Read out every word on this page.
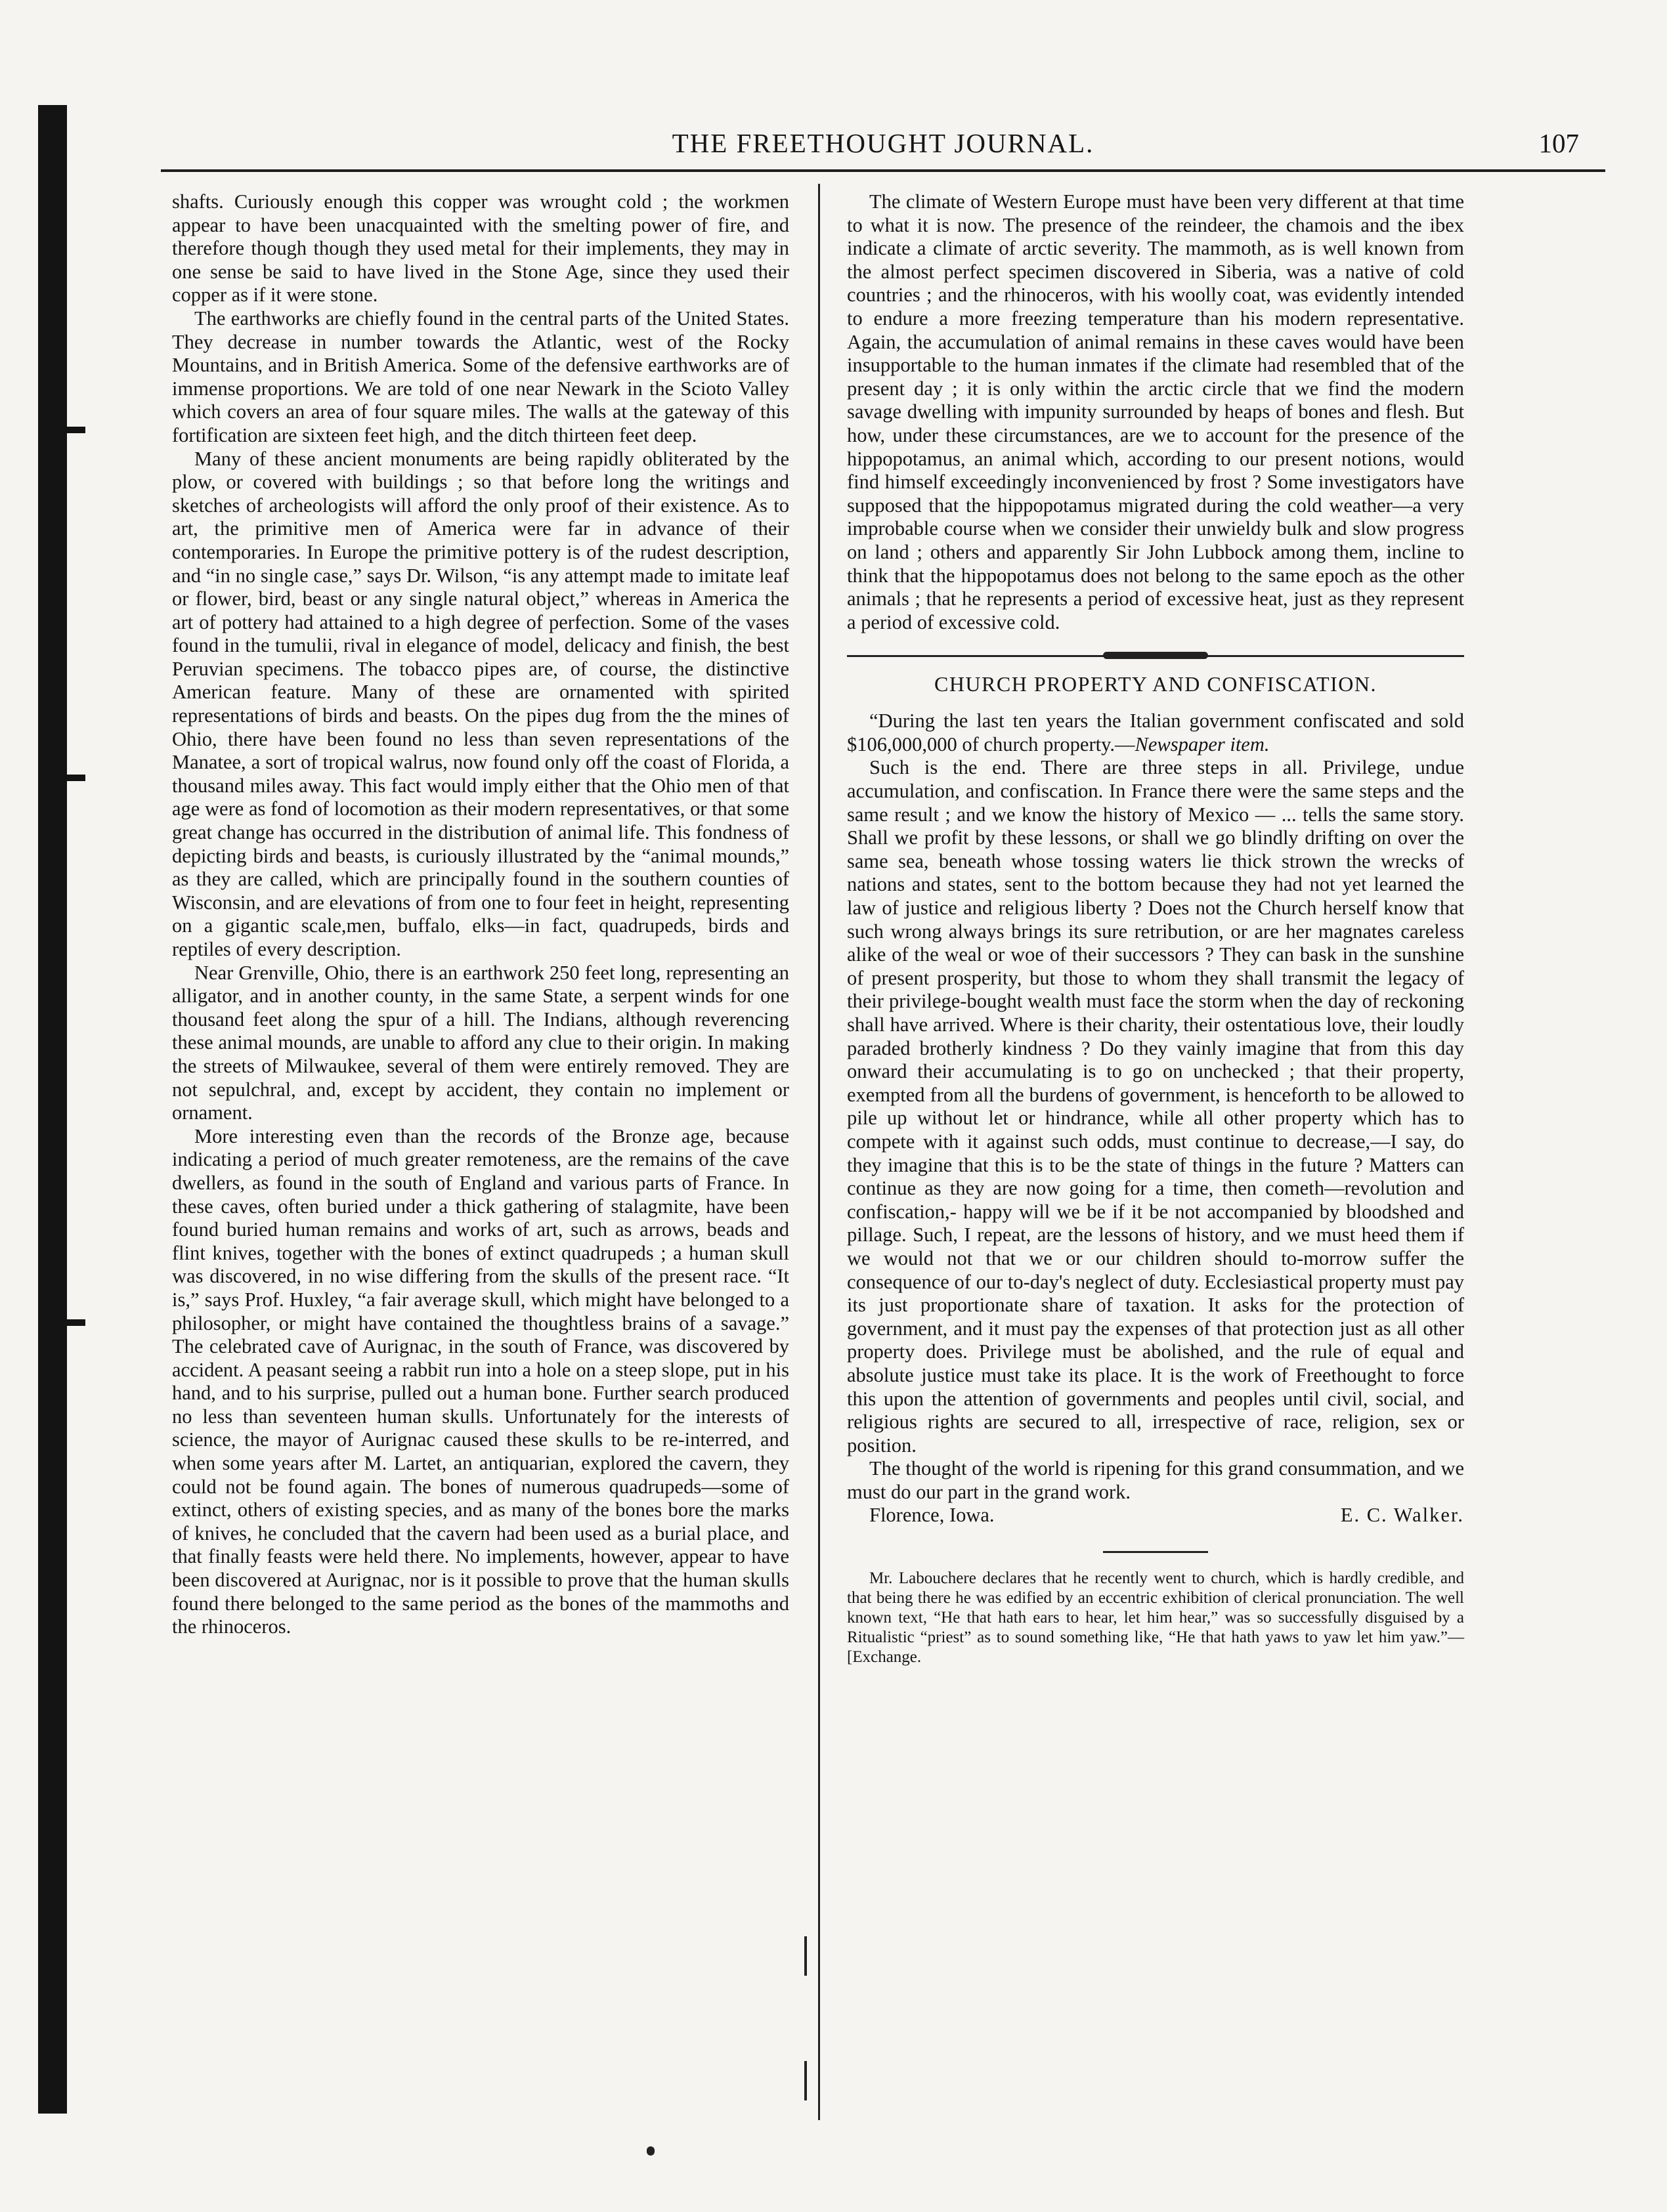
THE FREETHOUGHT JOURNAL.	107

shafts. Curiously enough this copper was wrought cold ; the workmen appear to have been unacquainted with the smelting power of fire, and therefore though though they used metal for their implements, they may in one sense be said to have lived in the Stone Age, since they used their copper as if it were stone.

The earthworks are chiefly found in the central parts of the United States. They decrease in number towards the Atlantic, west of the Rocky Mountains, and in British America. Some of the defensive earthworks are of immense proportions. We are told of one near Newark in the Scioto Valley which covers an area of four square miles. The walls at the gateway of this fortification are sixteen feet high, and the ditch thirteen feet deep.

Many of these ancient monuments are being rapidly obliterated by the plow, or covered with buildings ; so that before long the writings and sketches of archeologists will afford the only proof of their existence. As to art, the primitive men of America were far in advance of their contemporaries. In Europe the primitive pottery is of the rudest description, and “in no single case,” says Dr. Wilson, “is any attempt made to imitate leaf or flower, bird, beast or any single natural object,” whereas in America the art of pottery had attained to a high degree of perfection. Some of the vases found in the tumulii, rival in elegance of model, delicacy and finish, the best Peruvian specimens. The tobacco pipes are, of course, the distinctive American feature. Many of these are ornamented with spirited representations of birds and beasts. On the pipes dug from the the mines of Ohio, there have been found no less than seven representations of the Manatee, a sort of tropical walrus, now found only off the coast of Florida, a thousand miles away. This fact would imply either that the Ohio men of that age were as fond of locomotion as their modern representatives, or that some great change has occurred in the distribution of animal life. This fondness of depicting birds and beasts, is curiously illustrated by the “animal mounds,” as they are called, which are principally found in the southern counties of Wisconsin, and are elevations of from one to four feet in height, representing on a gigantic scale,men, buffalo, elks—in fact, quadrupeds, birds and reptiles of every description.

Near Grenville, Ohio, there is an earthwork 250 feet long, representing an alligator, and in another county, in the same State, a serpent winds for one thousand feet along the spur of a hill. The Indians, although reverencing these animal mounds, are unable to afford any clue to their origin. In making the streets of Milwaukee, several of them were entirely removed. They are not sepulchral, and, except by accident, they contain no implement or ornament.

More interesting even than the records of the Bronze age, because indicating a period of much greater remoteness, are the remains of the cave dwellers, as found in the south of England and various parts of France. In these caves, often buried under a thick gathering of stalagmite, have been found buried human remains and works of art, such as arrows, beads and flint knives, together with the bones of extinct quadrupeds ; a human skull was discovered, in no wise differing from the skulls of the present race. “It is,” says Prof. Huxley, “a fair average skull, which might have belonged to a philosopher, or might have contained the thoughtless brains of a savage.” The celebrated cave of Aurignac, in the south of France, was discovered by accident. A peasant seeing a rabbit run into a hole on a steep slope, put in his hand, and to his surprise, pulled out a human bone. Further search produced no less than seventeen human skulls. Unfortunately for the interests of science, the mayor of Aurignac caused these skulls to be re-interred, and when some years after M. Lartet, an antiquarian, explored the cavern, they could not be found again. The bones of numerous quadrupeds—some of extinct, others of existing species, and as many of the bones bore the marks of knives, he concluded that the cavern had been used as a burial place, and that finally feasts were held there. No implements, however, appear to have been discovered at Aurignac, nor is it possible to prove that the human skulls found there belonged to the same period as the bones of the mammoths and the rhinoceros.

The climate of Western Europe must have been very different at that time to what it is now. The presence of the reindeer, the chamois and the ibex indicate a climate of arctic severity. The mammoth, as is well known from the almost perfect specimen discovered in Siberia, was a native of cold countries ; and the rhinoceros, with his woolly coat, was evidently intended to endure a more freezing temperature than his modern representative. Again, the accumulation of animal remains in these caves would have been insupportable to the human inmates if the climate had resembled that of the present day ; it is only within the arctic circle that we find the modern savage dwelling with impunity surrounded by heaps of bones and flesh. But how, under these circumstances, are we to account for the presence of the hippopotamus, an animal which, according to our present notions, would find himself exceedingly inconvenienced by frost ? Some investigators have supposed that the hippopotamus migrated during the cold weather—a very improbable course when we consider their unwieldy bulk and slow progress on land ; others and apparently Sir John Lubbock among them, incline to think that the hippopotamus does not belong to the same epoch as the other animals ; that he represents a period of excessive heat, just as they represent a period of excessive cold.

CHURCH PROPERTY AND CONFISCATION.

“During the last ten years the Italian government confiscated and sold $106,000,000 of church property.—Newspaper item.

Such is the end. There are three steps in all. Privilege, undue accumulation, and confiscation. In France there were the same steps and the same result ; and we know the history of Mexico — ... tells the same story. Shall we profit by these lessons, or shall we go blindly drifting on over the same sea, beneath whose tossing waters lie thick strown the wrecks of nations and states, sent to the bottom because they had not yet learned the law of justice and religious liberty ? Does not the Church herself know that such wrong always brings its sure retribution, or are her magnates careless alike of the weal or woe of their successors ? They can bask in the sunshine of present prosperity, but those to whom they shall transmit the legacy of their privilege-bought wealth must face the storm when the day of reckoning shall have arrived. Where is their charity, their ostentatious love, their loudly paraded brotherly kindness ? Do they vainly imagine that from this day onward their accumulating is to go on unchecked ; that their property, exempted from all the burdens of government, is henceforth to be allowed to pile up without let or hindrance, while all other property which has to compete with it against such odds, must continue to decrease,—I say, do they imagine that this is to be the state of things in the future ? Matters can continue as they are now going for a time, then cometh—revolution and confiscation,- happy will we be if it be not accompanied by bloodshed and pillage. Such, I repeat, are the lessons of history, and we must heed them if we would not that we or our children should to-morrow suffer the consequence of our to-day's neglect of duty. Ecclesiastical property must pay its just proportionate share of taxation. It asks for the protection of government, and it must pay the expenses of that protection just as all other property does. Privilege must be abolished, and the rule of equal and absolute justice must take its place. It is the work of Freethought to force this upon the attention of governments and peoples until civil, social, and religious rights are secured to all, irrespective of race, religion, sex or position.

The thought of the world is ripening for this grand consummation, and we must do our part in the grand work.

Florence, Iowa.	E. C. Walker.

Mr. Labouchere declares that he recently went to church, which is hardly credible, and that being there he was edified by an eccentric exhibition of clerical pronunciation. The well known text, “He that hath ears to hear, let him hear,” was so successfully disguised by a Ritualistic “priest” as to sound something like, “He that hath yaws to yaw let him yaw.”—[Exchange.
